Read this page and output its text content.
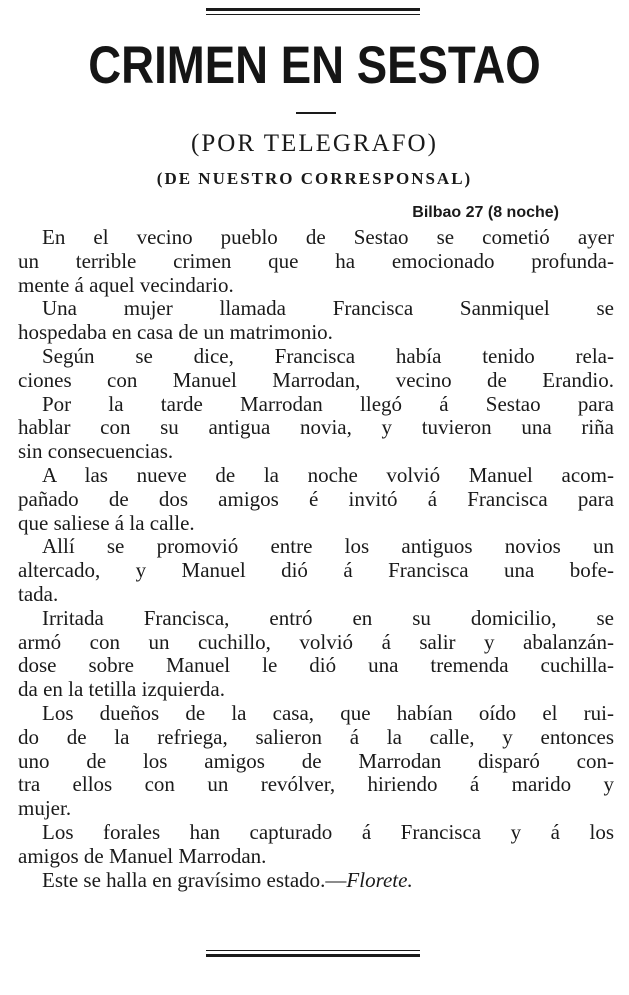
CRIMEN EN SESTAO
(POR TELEGRAFO)
(DE NUESTRO CORRESPONSAL)
Bilbao 27 (8 noche)
En el vecino pueblo de Sestao se cometió ayer
un terrible crimen que ha emocionado profunda-
mente á aquel vecindario.
Una mujer llamada Francisca Sanmiquel se
hospedaba en casa de un matrimonio.
Según se dice, Francisca había tenido rela-
ciones con Manuel Marrodan, vecino de Erandio.
Por la tarde Marrodan llegó á Sestao para
hablar con su antigua novia, y tuvieron una riña
sin consecuencias.
A las nueve de la noche volvió Manuel acom-
pañado de dos amigos é invitó á Francisca para
que saliese á la calle.
Allí se promovió entre los antiguos novios un
altercado, y Manuel dió á Francisca una bofe-
tada.
Irritada Francisca, entró en su domicilio, se
armó con un cuchillo, volvió á salir y abalanzán-
dose sobre Manuel le dió una tremenda cuchilla-
da en la tetilla izquierda.
Los dueños de la casa, que habían oído el rui-
do de la refriega, salieron á la calle, y entonces
uno de los amigos de Marrodan disparó con-
tra ellos con un revólver, hiriendo á marido y
mujer.
Los forales han capturado á Francisca y á los
amigos de Manuel Marrodan.
Este se halla en gravísimo estado.—Florete.
